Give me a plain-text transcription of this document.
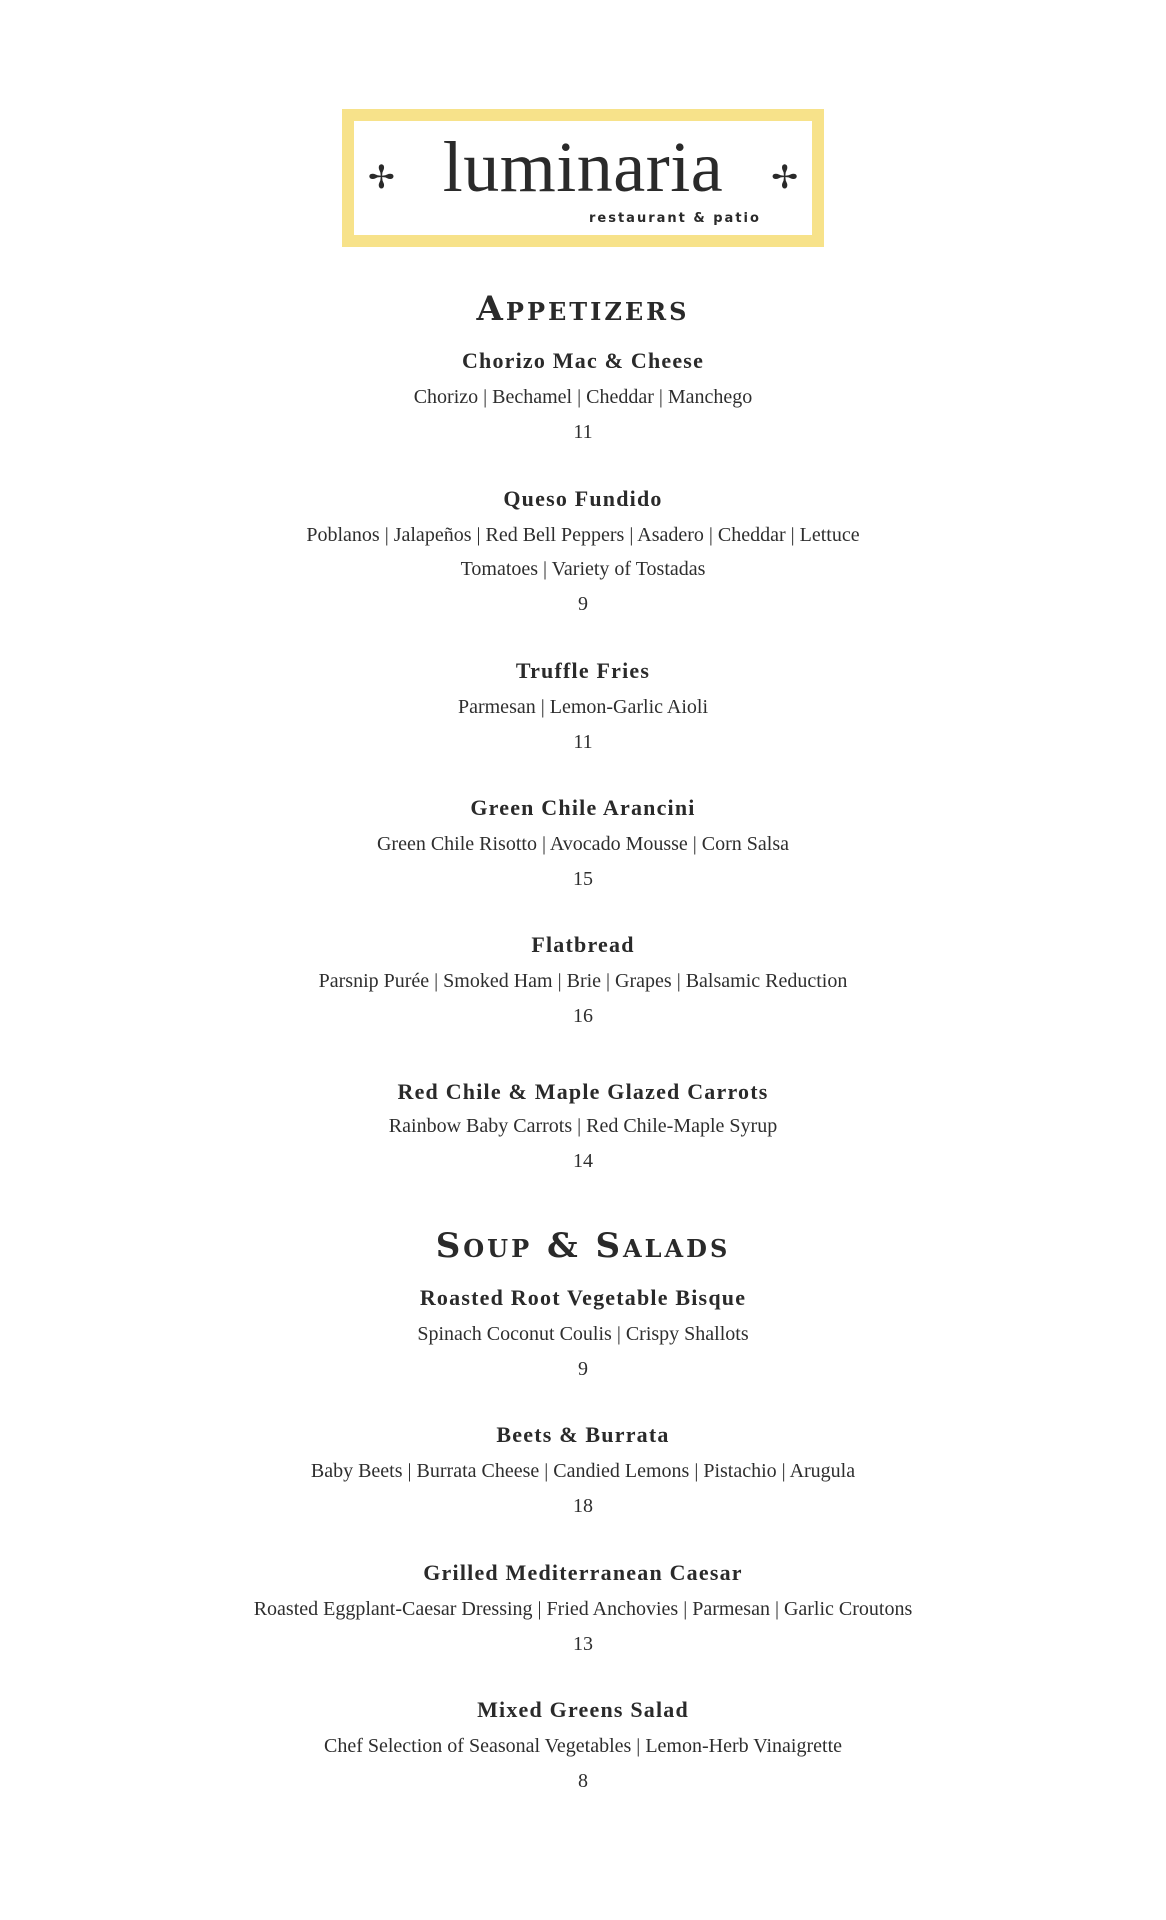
✢ luminaria	✢
restaurant & patio
Appetizers
Chorizo Mac & Cheese
Chorizo | Bechamel | Cheddar | Manchego
11
Queso Fundido
Poblanos | Jalapeños | Red Bell Peppers | Asadero | Cheddar | Lettuce
Tomatoes | Variety of Tostadas
9
Truffle Fries
Parmesan | Lemon-Garlic Aioli
11
Green Chile Arancini
Green Chile Risotto | Avocado Mousse | Corn Salsa
15
Flatbread
Parsnip Purée | Smoked Ham | Brie | Grapes | Balsamic Reduction
16
Red Chile & Maple Glazed Carrots
Rainbow Baby Carrots | Red Chile-Maple Syrup
14
Soup & Salads
Roasted Root Vegetable Bisque
Spinach Coconut Coulis | Crispy Shallots
9
Beets & Burrata
Baby Beets | Burrata Cheese | Candied Lemons | Pistachio | Arugula
18
Grilled Mediterranean Caesar
Roasted Eggplant-Caesar Dressing | Fried Anchovies | Parmesan | Garlic Croutons
13
Mixed Greens Salad
Chef Selection of Seasonal Vegetables | Lemon-Herb Vinaigrette
8
